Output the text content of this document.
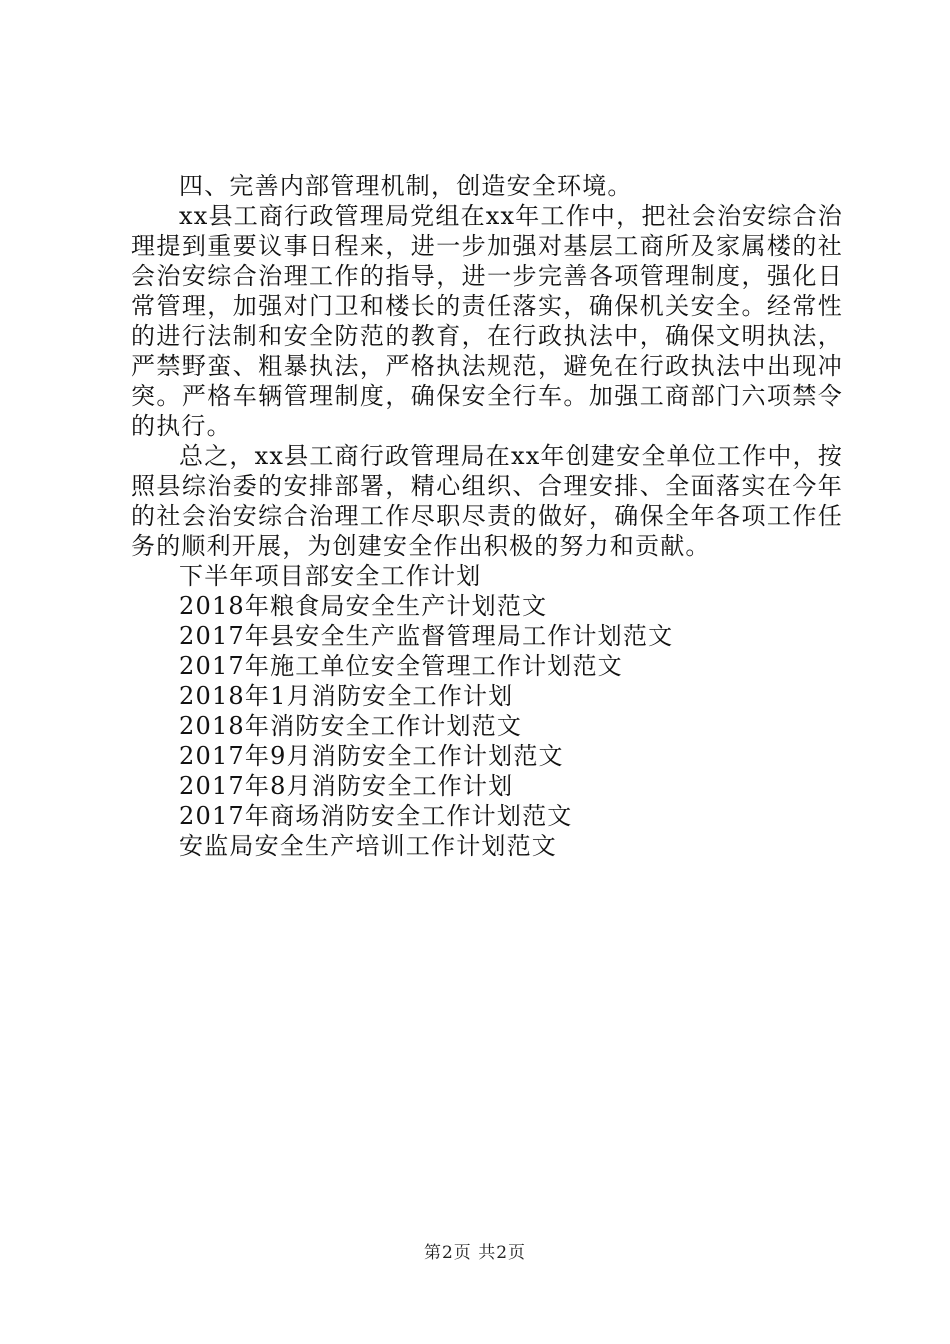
四、完善内部管理机制，创造安全环境。

xx县工商行政管理局党组在xx年工作中，把社会治安综合治理提到重要议事日程来，进一步加强对基层工商所及家属楼的社会治安综合治理工作的指导，进一步完善各项管理制度，强化日常管理，加强对门卫和楼长的责任落实，确保机关安全。经常性的进行法制和安全防范的教育，在行政执法中，确保文明执法，严禁野蛮、粗暴执法，严格执法规范，避免在行政执法中出现冲突。严格车辆管理制度，确保安全行车。加强工商部门六项禁令的执行。

总之，xx县工商行政管理局在xx年创建安全单位工作中，按照县综治委的安排部署，精心组织、合理安排、全面落实在今年的社会治安综合治理工作尽职尽责的做好，确保全年各项工作任务的顺利开展，为创建安全作出积极的努力和贡献。

下半年项目部安全工作计划
2018年粮食局安全生产计划范文
2017年县安全生产监督管理局工作计划范文
2017年施工单位安全管理工作计划范文
2018年1月消防安全工作计划
2018年消防安全工作计划范文
2017年9月消防安全工作计划范文
2017年8月消防安全工作计划
2017年商场消防安全工作计划范文
安监局安全生产培训工作计划范文
第2页 共2页
